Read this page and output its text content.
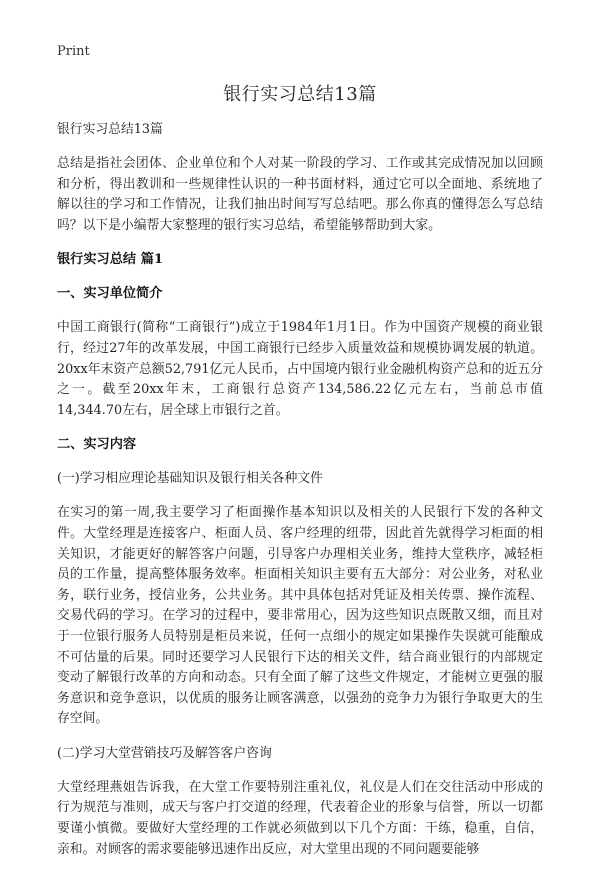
Print
银行实习总结13篇

银行实习总结13篇

总结是指社会团体、企业单位和个人对某一阶段的学习、工作或其完成情况加以回顾和分析，得出教训和一些规律性认识的一种书面材料，通过它可以全面地、系统地了解以往的学习和工作情况，让我们抽出时间写写总结吧。那么你真的懂得怎么写总结吗？以下是小编帮大家整理的银行实习总结，希望能够帮助到大家。

银行实习总结 篇1

一、实习单位简介

中国工商银行(简称“工商银行”)成立于1984年1月1日。作为中国资产规模的商业银行，经过27年的改革发展，中国工商银行已经步入质量效益和规模协调发展的轨道。20xx年末资产总额52,791亿元人民币，占中国境内银行业金融机构资产总和的近五分之一。截至20xx年末，工商银行总资产134,586.22亿元左右，当前总市值14,344.70左右，居全球上市银行之首。

二、实习内容

(一)学习相应理论基础知识及银行相关各种文件

在实习的第一周,我主要学习了柜面操作基本知识以及相关的人民银行下发的各种文件。大堂经理是连接客户、柜面人员、客户经理的纽带，因此首先就得学习柜面的相关知识，才能更好的解答客户问题，引导客户办理相关业务，维持大堂秩序，减轻柜员的工作量，提高整体服务效率。柜面相关知识主要有五大部分：对公业务，对私业务，联行业务，授信业务，公共业务。其中具体包括对凭证及相关传票、操作流程、交易代码的学习。在学习的过程中，要非常用心，因为这些知识点既散又细，而且对于一位银行服务人员特别是柜员来说，任何一点细小的规定如果操作失误就可能酿成不可估量的后果。同时还要学习人民银行下达的相关文件，结合商业银行的内部规定变动了解银行改革的方向和动态。只有全面了解了这些文件规定，才能树立更强的服务意识和竞争意识，以优质的服务让顾客满意，以强劲的竞争力为银行争取更大的生存空间。

(二)学习大堂营销技巧及解答客户咨询

大堂经理燕姐告诉我，在大堂工作要特别注重礼仪，礼仪是人们在交往活动中形成的行为规范与准则，成天与客户打交道的经理，代表着企业的形象与信誉，所以一切都要谨小慎微。要做好大堂经理的工作就必须做到以下几个方面：干练，稳重，自信，亲和。对顾客的需求要能够迅速作出反应，对大堂里出现的不同问题要能够
